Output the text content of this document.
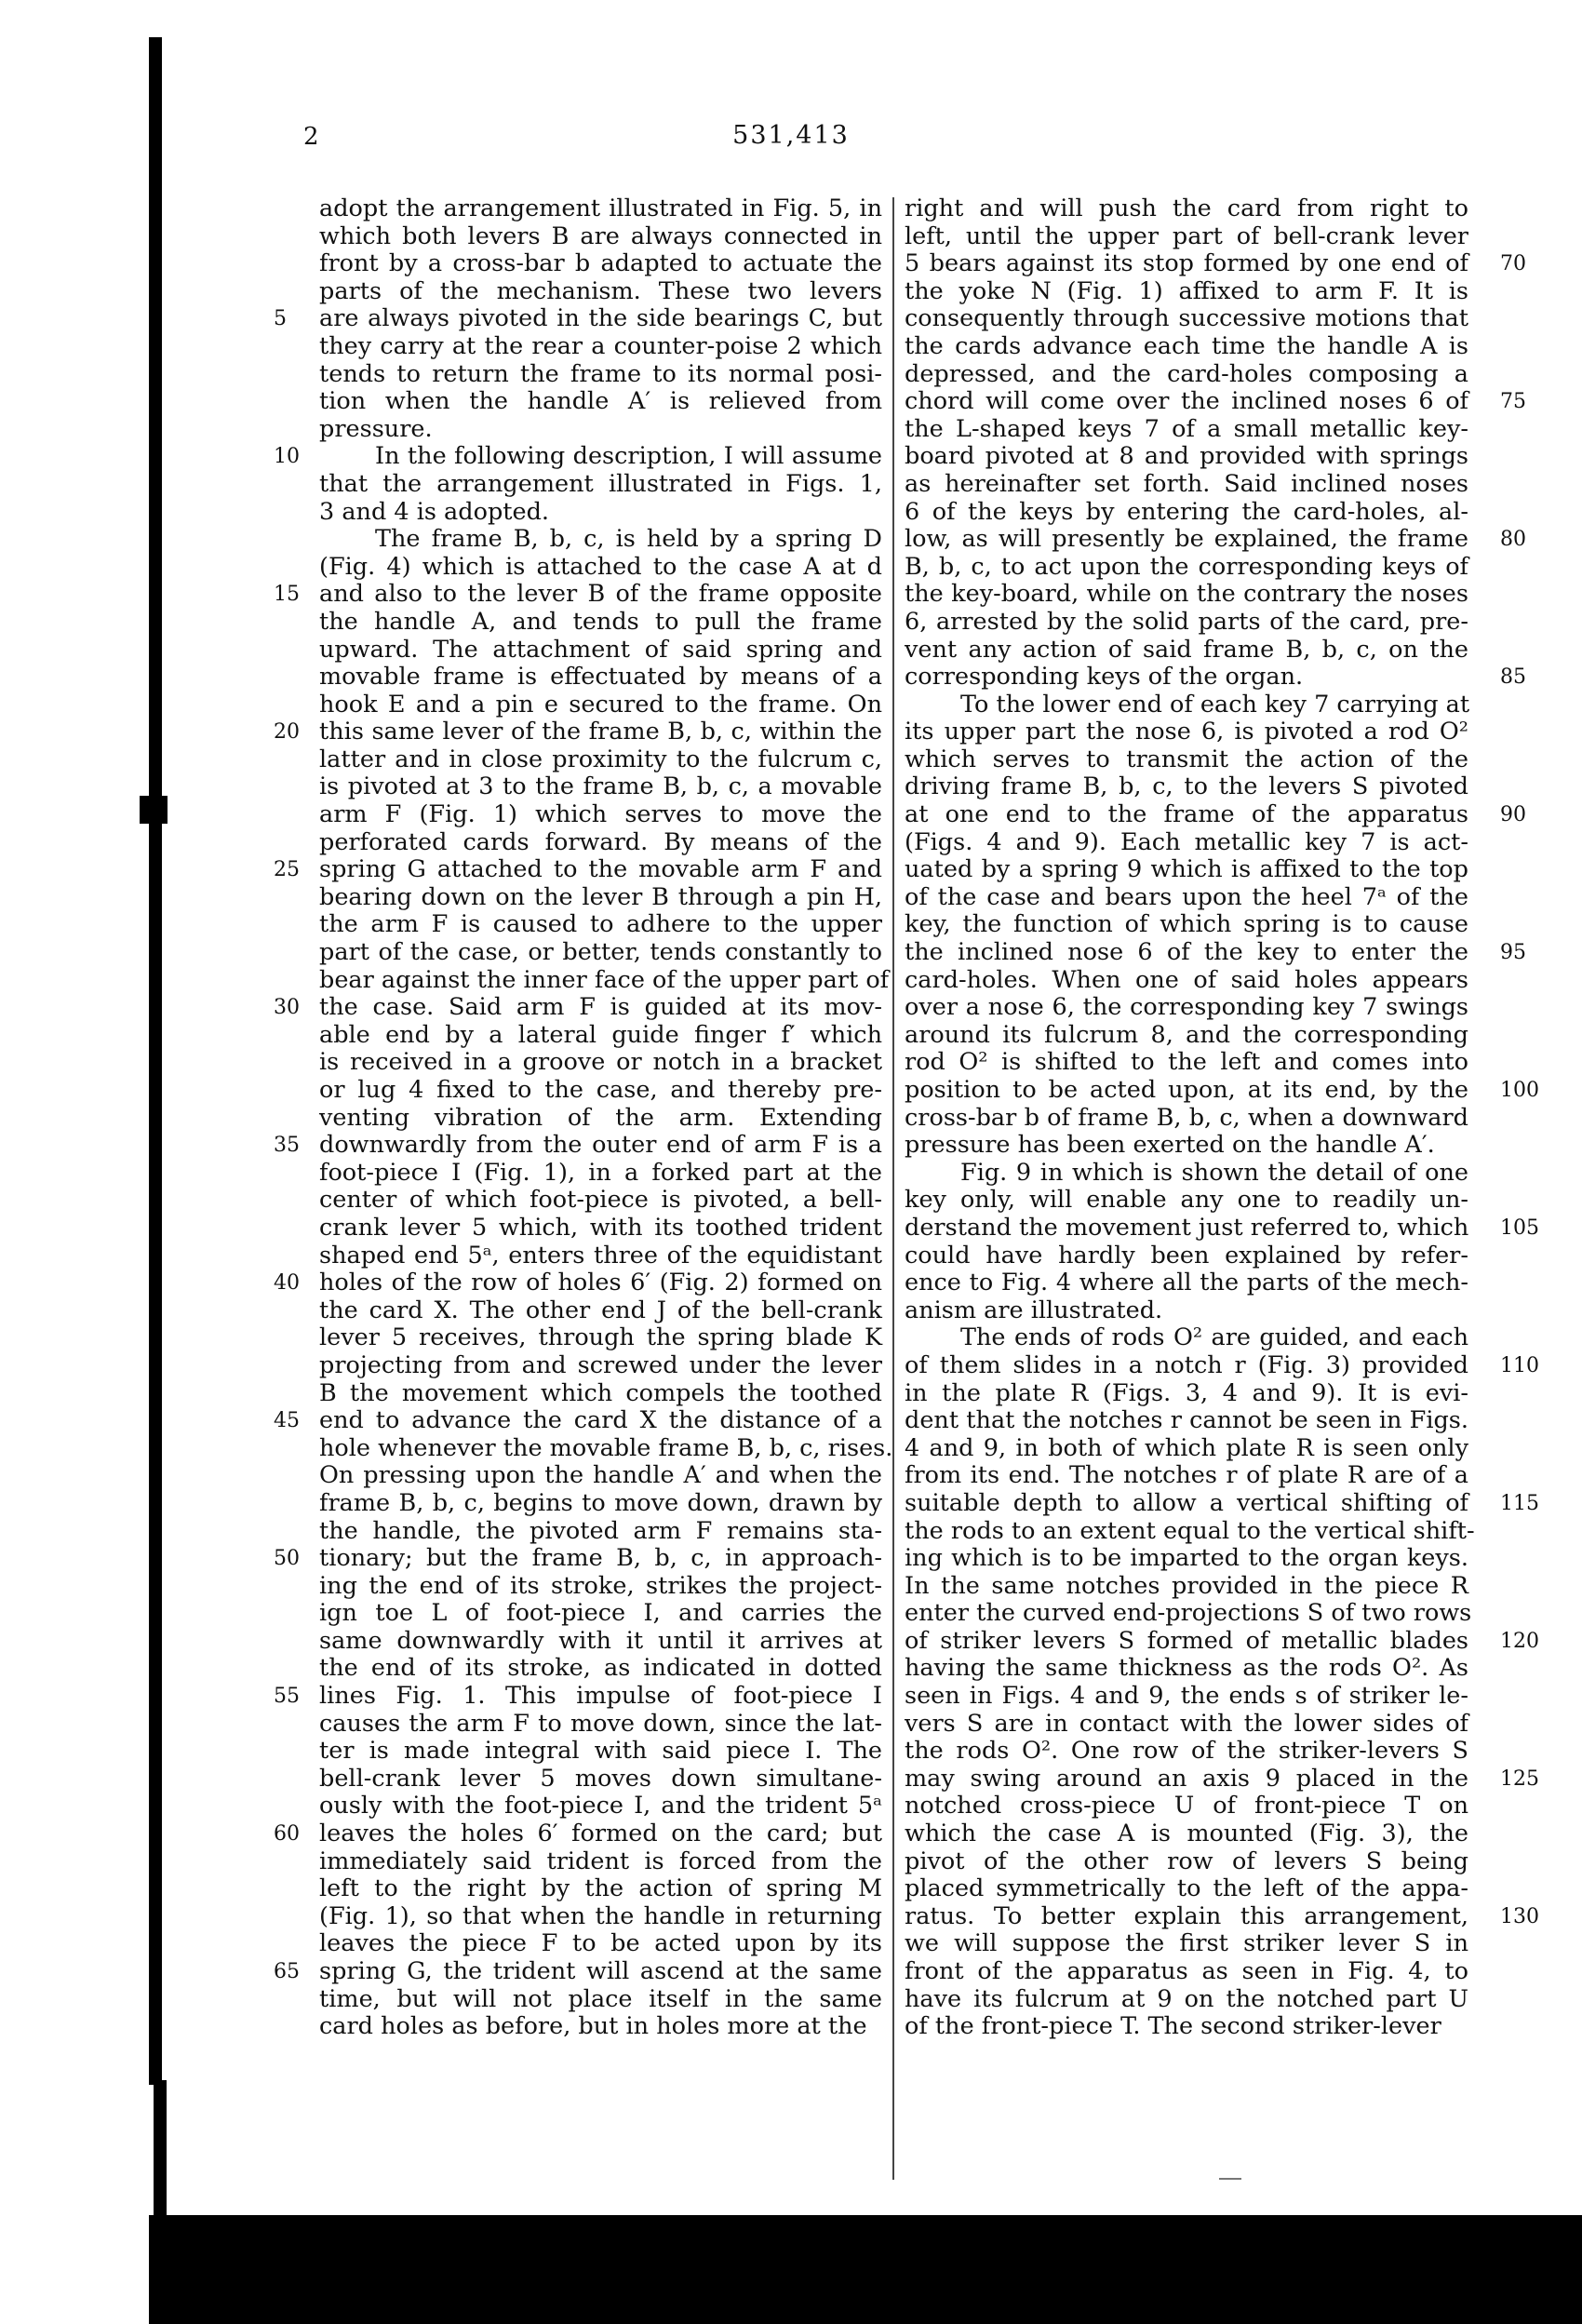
2	531,413
adopt the arrangement illustrated in Fig. 5, in
which both levers B are always connected in
front by a cross-bar b adapted to actuate the
parts of the mechanism. These two levers
are always pivoted in the side bearings C, but
they carry at the rear a counter-poise 2 which
tends to return the frame to its normal posi-
tion when the handle A′ is relieved from
pressure.
In the following description, I will assume
that the arrangement illustrated in Figs. 1,
3 and 4 is adopted.
The frame B, b, c, is held by a spring D
(Fig. 4) which is attached to the case A at d
and also to the lever B of the frame opposite
the handle A, and tends to pull the frame
upward. The attachment of said spring and
movable frame is effectuated by means of a
hook E and a pin e secured to the frame. On
this same lever of the frame B, b, c, within the
latter and in close proximity to the fulcrum c,
is pivoted at 3 to the frame B, b, c, a movable
arm F (Fig. 1) which serves to move the
perforated cards forward. By means of the
spring G attached to the movable arm F and
bearing down on the lever B through a pin H,
the arm F is caused to adhere to the upper
part of the case, or better, tends constantly to
bear against the inner face of the upper part of
the case. Said arm F is guided at its mov-
able end by a lateral guide finger f′ which
is received in a groove or notch in a bracket
or lug 4 fixed to the case, and thereby pre-
venting vibration of the arm. Extending
downwardly from the outer end of arm F is a
foot-piece I (Fig. 1), in a forked part at the
center of which foot-piece is pivoted, a bell-
crank lever 5 which, with its toothed trident
shaped end 5ᵃ, enters three of the equidistant
holes of the row of holes 6′ (Fig. 2) formed on
the card X. The other end J of the bell-crank
lever 5 receives, through the spring blade K
projecting from and screwed under the lever
B the movement which compels the toothed
end to advance the card X the distance of a
hole whenever the movable frame B, b, c, rises.
On pressing upon the handle A′ and when the
frame B, b, c, begins to move down, drawn by
the handle, the pivoted arm F remains sta-
tionary; but the frame B, b, c, in approach-
ing the end of its stroke, strikes the project-
ign toe L of foot-piece I, and carries the
same downwardly with it until it arrives at
the end of its stroke, as indicated in dotted
lines Fig. 1. This impulse of foot-piece I
causes the arm F to move down, since the lat-
ter is made integral with said piece I. The
bell-crank lever 5 moves down simultane-
ously with the foot-piece I, and the trident 5ᵃ
leaves the holes 6′ formed on the card; but
immediately said trident is forced from the
left to the right by the action of spring M
(Fig. 1), so that when the handle in returning
leaves the piece F to be acted upon by its
spring G, the trident will ascend at the same
time, but will not place itself in the same
card holes as before, but in holes more at the
right and will push the card from right to
left, until the upper part of bell-crank lever
5 bears against its stop formed by one end of
the yoke N (Fig. 1) affixed to arm F. It is
consequently through successive motions that
the cards advance each time the handle A is
depressed, and the card-holes composing a
chord will come over the inclined noses 6 of
the L-shaped keys 7 of a small metallic key-
board pivoted at 8 and provided with springs
as hereinafter set forth. Said inclined noses
6 of the keys by entering the card-holes, al-
low, as will presently be explained, the frame
B, b, c, to act upon the corresponding keys of
the key-board, while on the contrary the noses
6, arrested by the solid parts of the card, pre-
vent any action of said frame B, b, c, on the
corresponding keys of the organ.
To the lower end of each key 7 carrying at
its upper part the nose 6, is pivoted a rod O²
which serves to transmit the action of the
driving frame B, b, c, to the levers S pivoted
at one end to the frame of the apparatus
(Figs. 4 and 9). Each metallic key 7 is act-
uated by a spring 9 which is affixed to the top
of the case and bears upon the heel 7ᵃ of the
key, the function of which spring is to cause
the inclined nose 6 of the key to enter the
card-holes. When one of said holes appears
over a nose 6, the corresponding key 7 swings
around its fulcrum 8, and the corresponding
rod O² is shifted to the left and comes into
position to be acted upon, at its end, by the
cross-bar b of frame B, b, c, when a downward
pressure has been exerted on the handle A′.
Fig. 9 in which is shown the detail of one
key only, will enable any one to readily un-
derstand the movement just referred to, which
could have hardly been explained by refer-
ence to Fig. 4 where all the parts of the mech-
anism are illustrated.
The ends of rods O² are guided, and each
of them slides in a notch r (Fig. 3) provided
in the plate R (Figs. 3, 4 and 9). It is evi-
dent that the notches r cannot be seen in Figs.
4 and 9, in both of which plate R is seen only
from its end. The notches r of plate R are of a
suitable depth to allow a vertical shifting of
the rods to an extent equal to the vertical shift-
ing which is to be imparted to the organ keys.
In the same notches provided in the piece R
enter the curved end-projections S of two rows
of striker levers S formed of metallic blades
having the same thickness as the rods O². As
seen in Figs. 4 and 9, the ends s of striker le-
vers S are in contact with the lower sides of
the rods O². One row of the striker-levers S
may swing around an axis 9 placed in the
notched cross-piece U of front-piece T on
which the case A is mounted (Fig. 3), the
pivot of the other row of levers S being
placed symmetrically to the left of the appa-
ratus. To better explain this arrangement,
we will suppose the first striker lever S in
front of the apparatus as seen in Fig. 4, to
have its fulcrum at 9 on the notched part U
of the front-piece T. The second striker-lever
5
10
15
20
25
30
35
40
45
50
55
60
65
70
75
80
85
90
95
100
105
110
115
120
125
130
